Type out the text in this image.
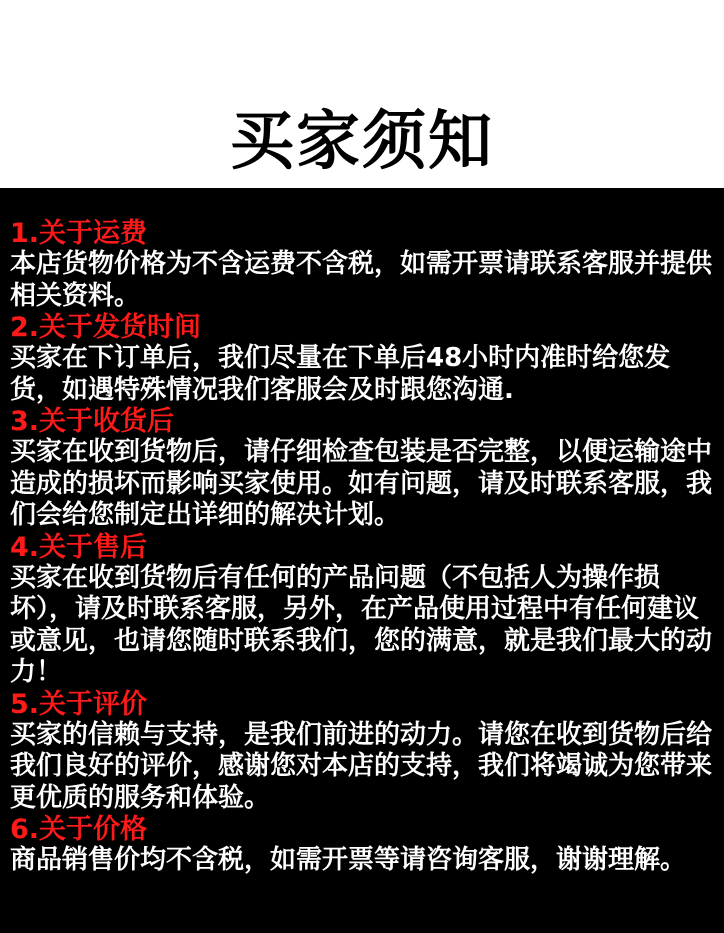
买家须知
1.关于运费

本店货物价格为不含运费不含税，如需开票请联系客服并提供相关资料。

2.关于发货时间

买家在下订单后，我们尽量在下单后48小时内准时给您发货，如遇特殊情况我们客服会及时跟您沟通.

3.关于收货后

买家在收到货物后，请仔细检查包装是否完整，以便运输途中造成的损坏而影响买家使用。如有问题，请及时联系客服，我们会给您制定出详细的解决计划。

4.关于售后

买家在收到货物后有任何的产品问题（不包括人为操作损坏），请及时联系客服，另外，在产品使用过程中有任何建议或意见，也请您随时联系我们，您的满意，就是我们最大的动力！

5.关于评价

买家的信赖与支持，是我们前进的动力。请您在收到货物后给我们良好的评价，感谢您对本店的支持，我们将竭诚为您带来更优质的服务和体验。

6.关于价格

商品销售价均不含税，如需开票等请咨询客服，谢谢理解。
